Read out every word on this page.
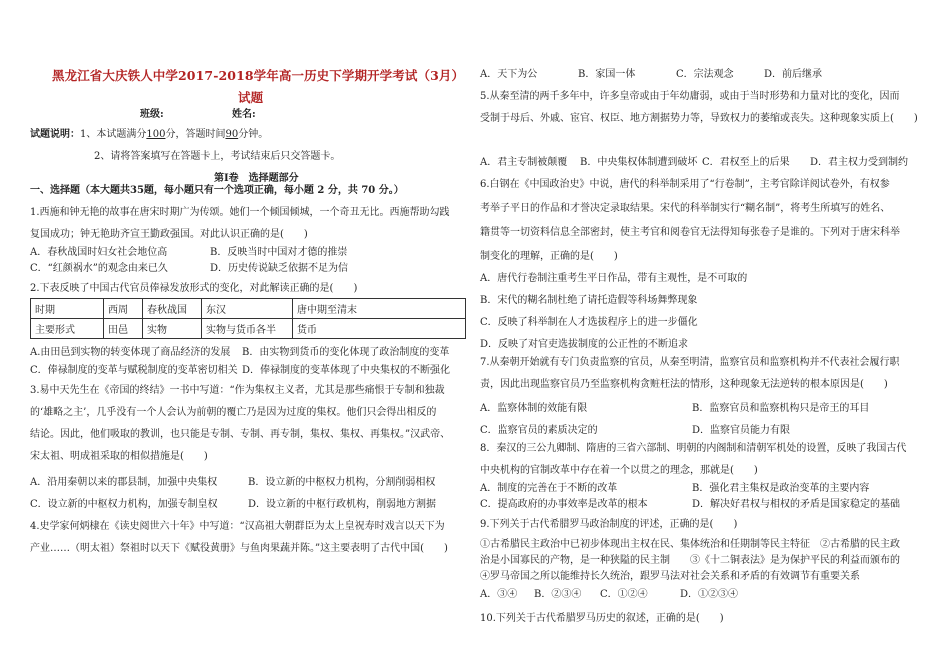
黑龙江省大庆铁人中学2017-2018学年高一历史下学期开学考试（3月）
试题
班级:	姓名:
试题说明：1、本试题满分100分，答题时间90分钟。
2、请将答案填写在答题卡上，考试结束后只交答题卡。
第Ⅰ卷　选择题部分
一、选择题（本大题共35题，每小题只有一个选项正确，每小题 2 分，共 70 分。）
1.西施和钟无艳的故事在唐宋时期广为传颂。她们一个倾国倾城，一个奇丑无比。西施帮助勾践
复国成功；钟无艳助齐宣王勤政强国。对此认识正确的是(　　)
A．春秋战国时妇女社会地位高	B．反映当时中国对才德的推崇
C．“红颜祸水”的观念由来已久	D．历史传说缺乏依据不足为信
2.下表反映了中国古代官员俸禄发放形式的变化，对此解读正确的是(　　)
时期	西周	春秋战国	东汉	唐中期至清末
主要形式	田邑	实物	实物与货币各半	货币
A.由田邑到实物的转变体现了商品经济的发展 B．由实物到货币的变化体现了政治制度的变革
C．俸禄制度的变革与赋税制度的变革密切相关 D．俸禄制度的变革体现了中央集权的不断强化
3.易中天先生在《帝国的终结》一书中写道：“作为集权主义者，尤其是那些痛恨于专制和独裁
的‘雄略之主’，几乎没有一个人会认为前朝的覆亡乃是因为过度的集权。他们只会得出相反的
结论。因此，他们吸取的教训，也只能是专制、专制、再专制，集权、集权、再集权。”汉武帝、
宋太祖、明成祖采取的相似措施是(　　)
A．沿用秦朝以来的郡县制，加强中央集权	B．设立新的中枢权力机构，分割削弱相权
C．设立新的中枢权力机构，加强专制皇权	D．设立新的中枢行政机构，削弱地方割据
4.史学家何炳棣在《读史阅世六十年》中写道：“汉高祖大朝群臣为太上皇祝寿时戏言以天下为
产业……（明太祖）祭祖时以天下《赋役黄册》与鱼肉果蔬并陈。”这主要表明了古代中国(　　)
A．天下为公	B．家国一体	C．宗法观念	D．前后继承
5.从秦至清的两千多年中，许多皇帝或由于年幼庸弱，或由于当时形势和力量对比的变化，因而
受制于母后、外戚、宦官、权臣、地方割据势力等，导致权力的萎缩或丧失。这种现象实质上(　　)
A．君主专制被颠覆 B．中央集权体制遭到破坏 C．君权至上的后果 D．君主权力受到制约
6.白钢在《中国政治史》中说，唐代的科举制采用了“行卷制”，主考官除详阅试卷外，有权参
考举子平日的作品和才誉决定录取结果。宋代的科举制实行“糊名制”，将考生所填写的姓名、
籍贯等一切资料信息全部密封，使主考官和阅卷官无法得知每张卷子是谁的。下列对于唐宋科举
制变化的理解，正确的是(　　)
A．唐代行卷制注重考生平日作品，带有主观性，是不可取的
B．宋代的糊名制杜绝了请托造假等科场舞弊现象
C．反映了科举制在人才选拔程序上的进一步僵化
D．反映了对官吏选拔制度的公正性的不断追求
7.从秦朝开始就有专门负责监察的官员，从秦至明清，监察官员和监察机构并不代表社会履行职
责，因此出现监察官员乃至监察机构贪赃枉法的情形，这种现象无法逆转的根本原因是(　　)
A．监察体制的效能有限	B．监察官员和监察机构只是帝王的耳目
C．监察官员的素质决定的	D．监察官员能力有限
8．秦汉的三公九卿制、隋唐的三省六部制、明朝的内阁制和清朝军机处的设置，反映了我国古代
中央机构的官制改革中存在着一个以贯之的理念，那就是(　　)
A．制度的完善在于不断的改革	B．强化君主集权是政治变革的主要内容
C．提高政府的办事效率是改革的根本	D．解决好君权与相权的矛盾是国家稳定的基础
9.下列关于古代希腊罗马政治制度的评述，正确的是(　　)
①古希腊民主政治中已初步体现出主权在民、集体统治和任期制等民主特征　②古希腊的民主政
治是小国寡民的产物，是一种狭隘的民主制　　③《十二铜表法》是为保护平民的利益而颁布的
④罗马帝国之所以能维持长久统治，跟罗马法对社会关系和矛盾的有效调节有重要关系
A．③④ B．②③④ C．①②④	D．①②③④
10.下列关于古代希腊罗马历史的叙述，正确的是(　　)
